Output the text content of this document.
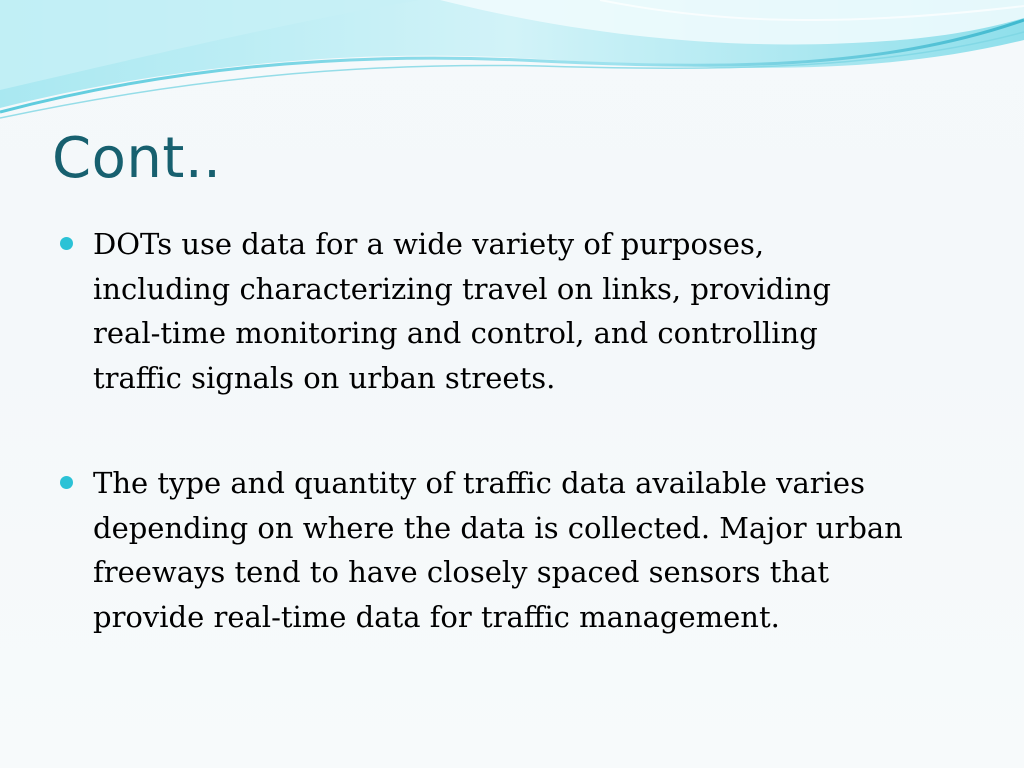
Cont..
DOTs use data for a wide variety of purposes,
including characterizing travel on links, providing
real-time monitoring and control, and controlling
traffic signals on urban streets.
The type and quantity of traffic data available varies
depending on where the data is collected. Major urban
freeways tend to have closely spaced sensors that
provide real-time data for traffic management.
